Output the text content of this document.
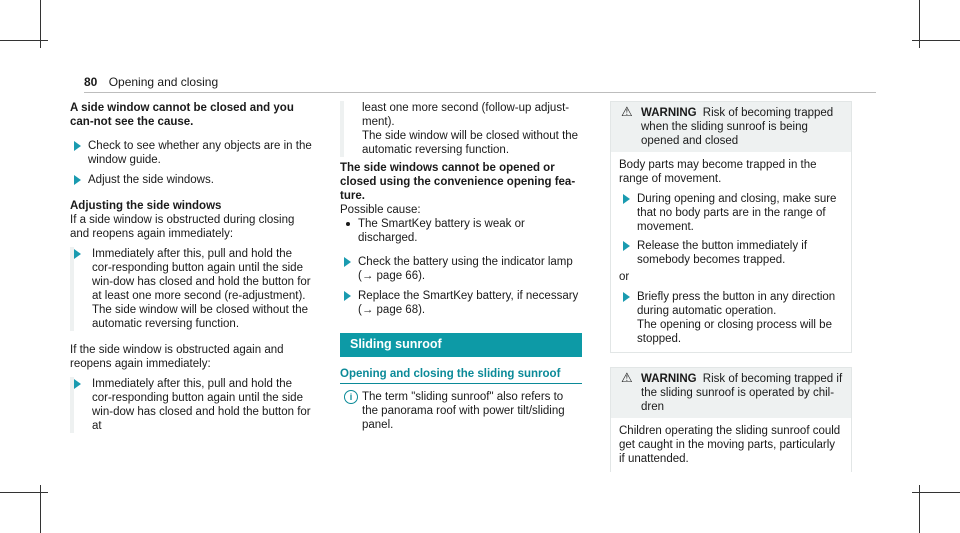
80 Opening and closing

A side window cannot be closed and you can-not see the cause.

Check to see whether any objects are in the window guide.
Adjust the side windows.

Adjusting the side windows

If a side window is obstructed during closing and reopens again immediately:

Immediately after this, pull and hold the cor-responding button again until the side win-dow has closed and hold the button for at least one more second (re-adjustment).

The side window will be closed without the automatic reversing function.

If the side window is obstructed again and reopens again immediately:

Immediately after this, pull and hold the cor-responding button again until the side win-dow has closed and hold the button for at

least one more second (follow-up adjust-ment).

The side window will be closed without the automatic reversing function.

The side windows cannot be opened or closed using the convenience opening fea-ture.

Possible cause:

The SmartKey battery is weak or discharged.
Check the battery using the indicator lamp (→ page 66).
Replace the SmartKey battery, if necessary (→ page 68).
Sliding sunroof

Opening and closing the sliding sunroof

i The term "sliding sunroof" also refers to the panorama roof with power tilt/sliding panel.
⚠ WARNING Risk of becoming trapped when the sliding sunroof is being opened and closed

Body parts may become trapped in the range of movement.

During opening and closing, make sure that no body parts are in the range of movement.
Release the button immediately if somebody becomes trapped.

or

Briefly press the button in any direction during automatic operation.

The opening or closing process will be stopped.

⚠ WARNING Risk of becoming trapped if the sliding sunroof is operated by chil-dren

Children operating the sliding sunroof could get caught in the moving parts, particularly if unattended.
